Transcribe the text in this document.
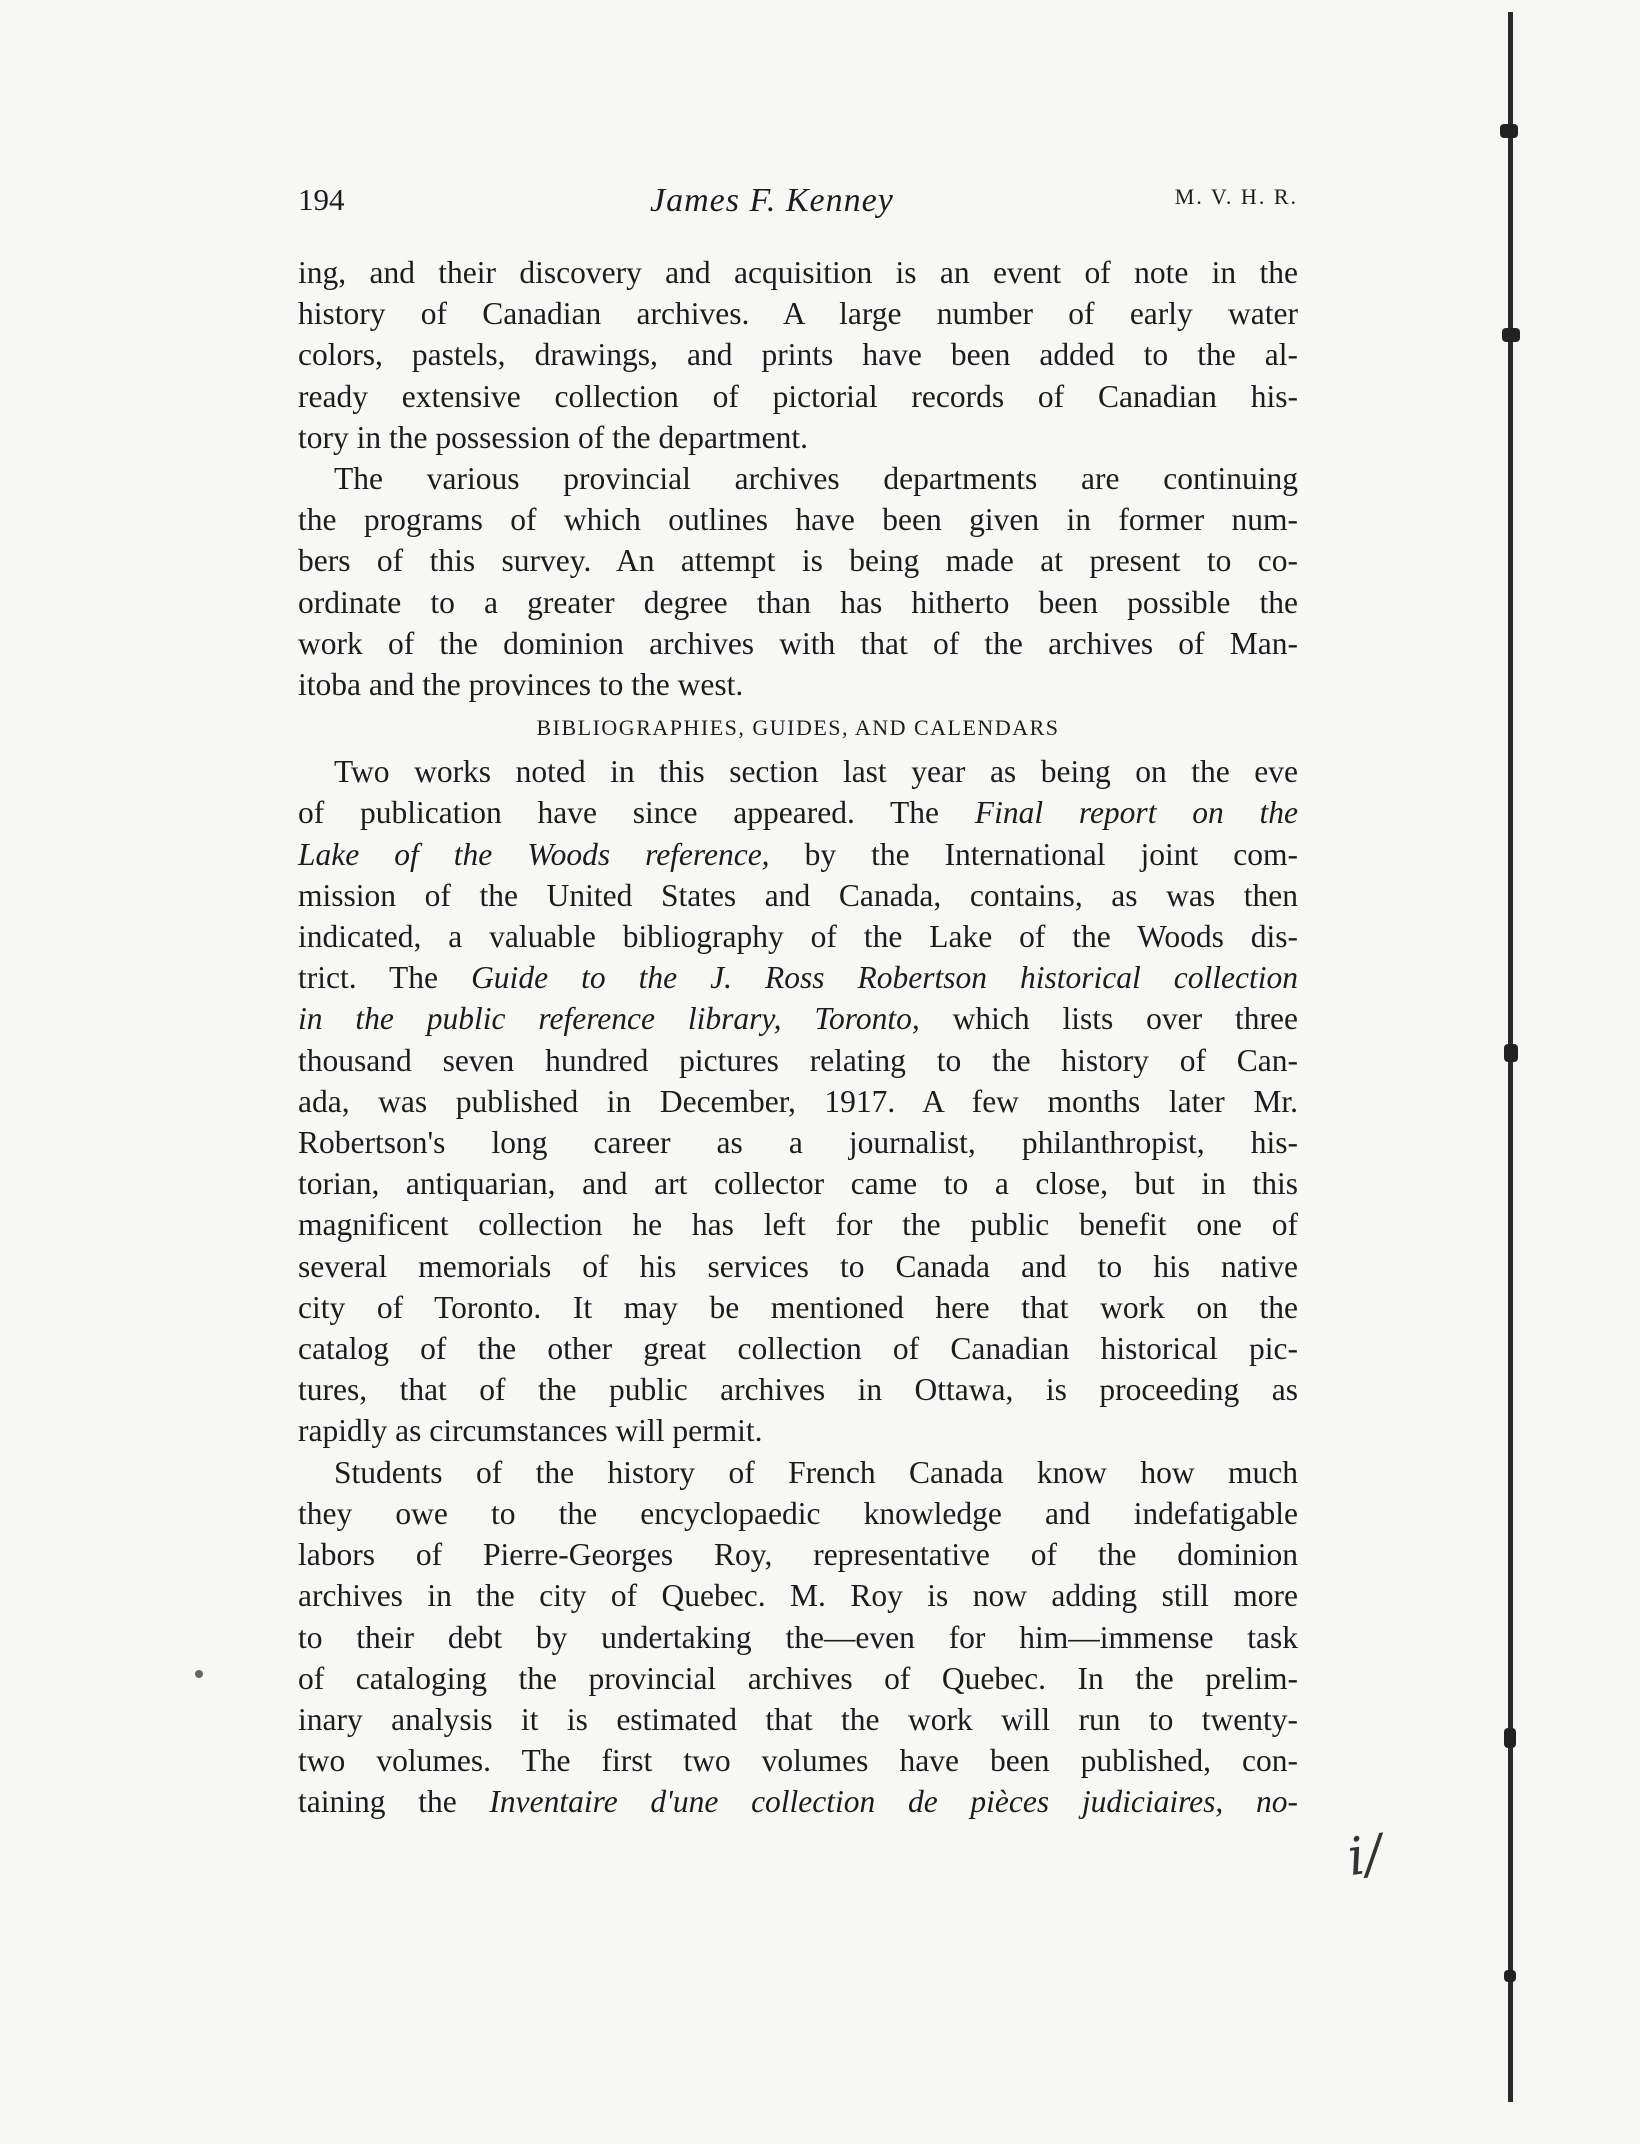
194	James F. Kenney	M. V. H. R.
ing, and their discovery and acquisition is an event of note in the
history of Canadian archives. A large number of early water
colors, pastels, drawings, and prints have been added to the al-
ready extensive collection of pictorial records of Canadian his-
tory in the possession of the department.
The various provincial archives departments are continuing
the programs of which outlines have been given in former num-
bers of this survey. An attempt is being made at present to co-
ordinate to a greater degree than has hitherto been possible the
work of the dominion archives with that of the archives of Man-
itoba and the provinces to the west.
BIBLIOGRAPHIES, GUIDES, AND CALENDARS
Two works noted in this section last year as being on the eve
of publication have since appeared. The Final report on the
Lake of the Woods reference, by the International joint com-
mission of the United States and Canada, contains, as was then
indicated, a valuable bibliography of the Lake of the Woods dis-
trict. The Guide to the J. Ross Robertson historical collection
in the public reference library, Toronto, which lists over three
thousand seven hundred pictures relating to the history of Can-
ada, was published in December, 1917. A few months later Mr.
Robertson's long career as a journalist, philanthropist, his-
torian, antiquarian, and art collector came to a close, but in this
magnificent collection he has left for the public benefit one of
several memorials of his services to Canada and to his native
city of Toronto. It may be mentioned here that work on the
catalog of the other great collection of Canadian historical pic-
tures, that of the public archives in Ottawa, is proceeding as
rapidly as circumstances will permit.
Students of the history of French Canada know how much
they owe to the encyclopaedic knowledge and indefatigable
labors of Pierre-Georges Roy, representative of the dominion
archives in the city of Quebec. M. Roy is now adding still more
to their debt by undertaking the—even for him—immense task
of cataloging the provincial archives of Quebec. In the prelim-
inary analysis it is estimated that the work will run to twenty-
two volumes. The first two volumes have been published, con-
taining the Inventaire d'une collection de pièces judiciaires, no-
i/
